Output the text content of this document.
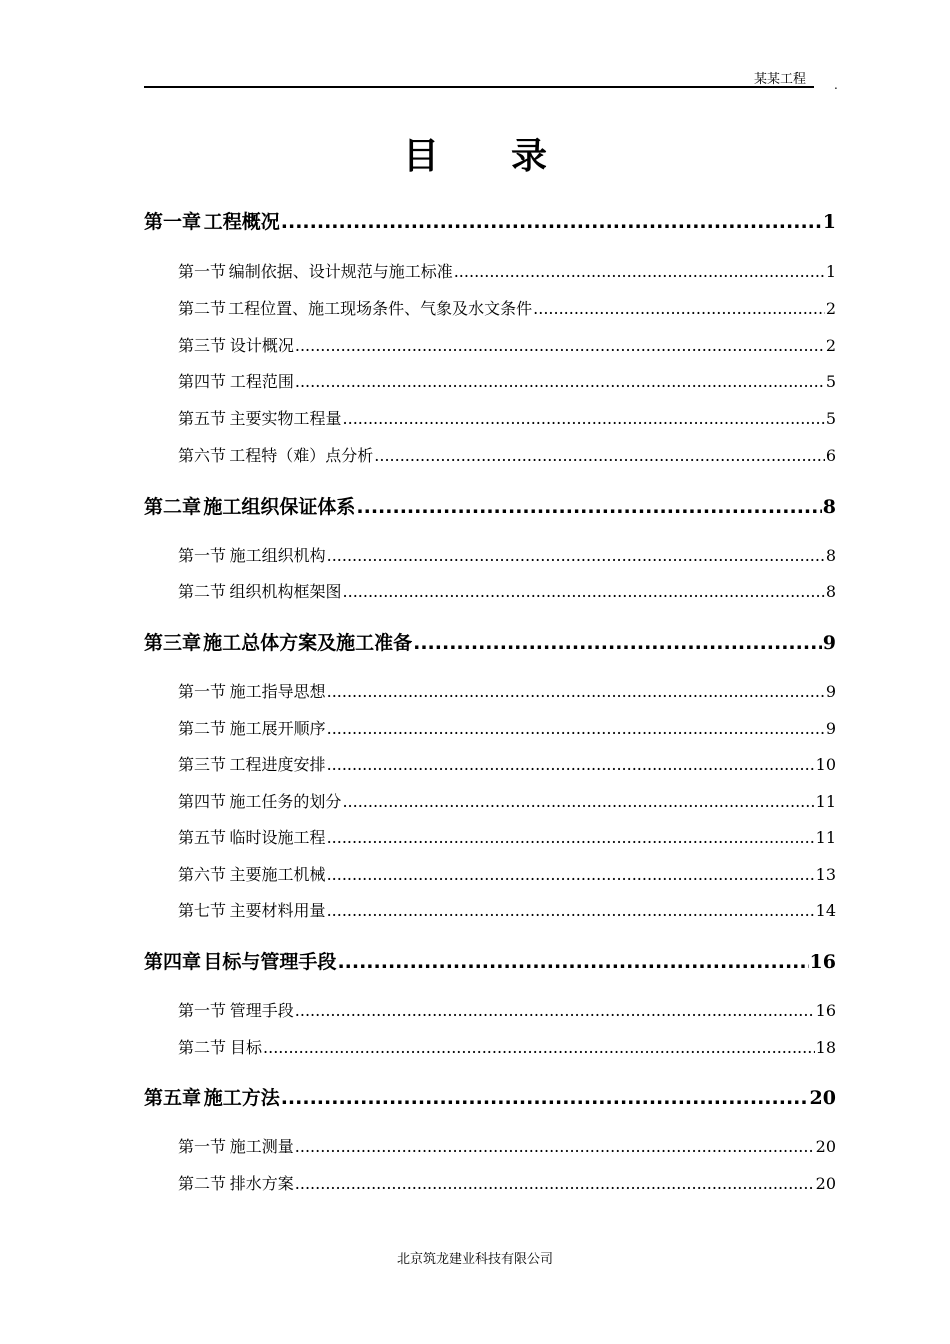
某某工程 .
目录
第一章 工程概况 .....	1
第一节 编制依据、设计规范与施工标准 .....	1
第二节 工程位置、施工现场条件、气象及水文条件 .....	2
第三节 设计概况 .....	2
第四节 工程范围 .....	5
第五节 主要实物工程量 .....	5
第六节 工程特（难）点分析 .....	6
第二章 施工组织保证体系 .....	8
第一节 施工组织机构 .....	8
第二节 组织机构框架图 .....	8
第三章 施工总体方案及施工准备 .....	9
第一节 施工指导思想 .....	9
第二节 施工展开顺序 .....	9
第三节 工程进度安排 .....	10
第四节 施工任务的划分 .....	11
第五节 临时设施工程 .....	11
第六节 主要施工机械 .....	13
第七节 主要材料用量 .....	14
第四章 目标与管理手段 .....	16
第一节 管理手段 .....	16
第二节 目标 .....	18
第五章 施工方法 .....	20
第一节 施工测量 .....	20
第二节 排水方案 .....	20
北京筑龙建业科技有限公司
